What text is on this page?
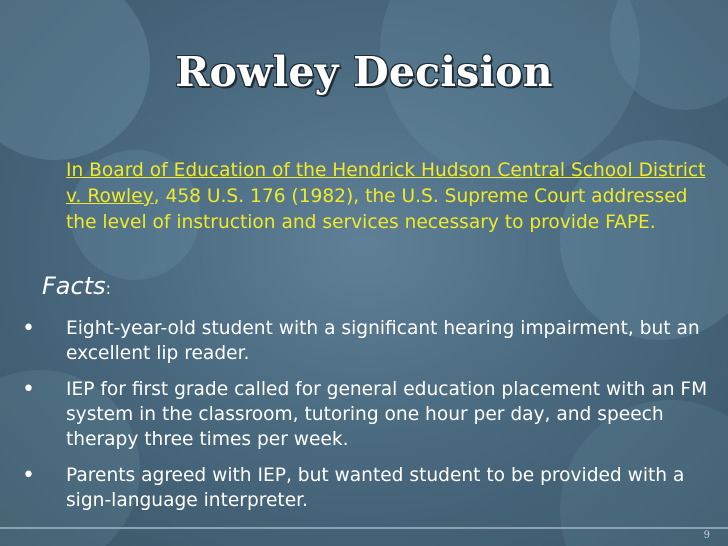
Rowley Decision
In Board of Education of the Hendrick Hudson Central School District v. Rowley, 458 U.S. 176 (1982), the U.S. Supreme Court addressed the level of instruction and services necessary to provide FAPE.
Facts:
• Eight-year-old student with a significant hearing impairment, but an excellent lip reader.
• IEP for first grade called for general education placement with an FM system in the classroom, tutoring one hour per day, and speech therapy three times per week.
• Parents agreed with IEP, but wanted student to be provided with a sign-language interpreter.
9
